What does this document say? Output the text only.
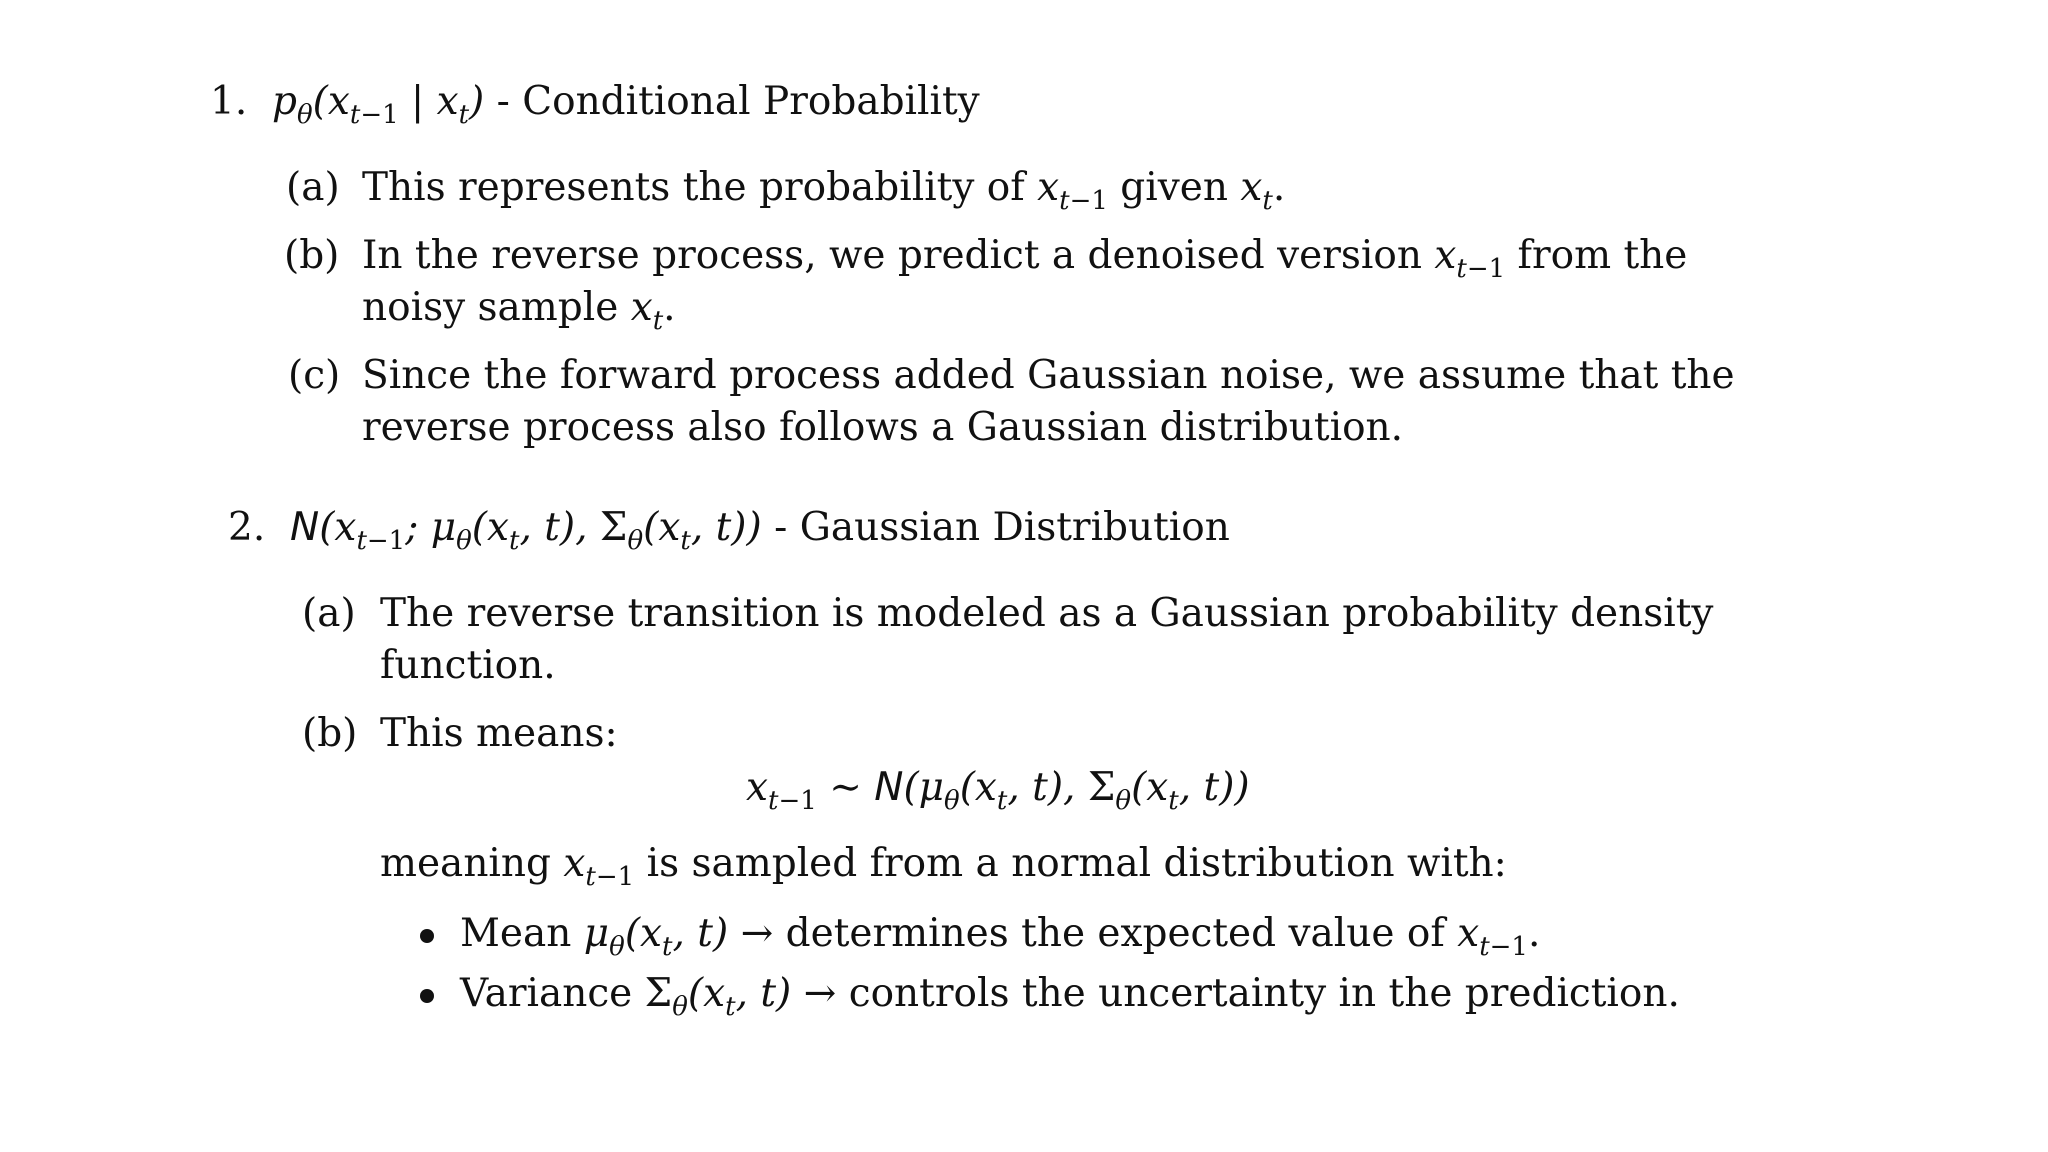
1.  $p_\theta(x_{t-1}$ | $x_t$) - Conditional Probability
(a) This represents the probability of $x_{t-1}$ given $x_t$.
(b) In the reverse process, we predict a denoised version $x_{t-1}$ from the
noisy sample $x_t$.
(c) Since the forward process added Gaussian noise, we assume that the
reverse process also follows a Gaussian distribution.
2. $N(x_{t-1}$; $\mu_\theta(x_t$, t), $\Sigma_\theta(x_t$, t)) - Gaussian Distribution
(a) The reverse transition is modeled as a Gaussian probability density
function.
(b) This means:
$x_{t-1}$ ∼ $N(\mu_\theta(x_t$, t), $\Sigma_\theta(x_t$, t))
meaning $x_{t-1}$ is sampled from a normal distribution with:
Mean $\mu_\theta(x_t$, t) → determines the expected value of $x_{t-1}$.
Variance $\Sigma_\theta(x_t$, t) → controls the uncertainty in the prediction.
